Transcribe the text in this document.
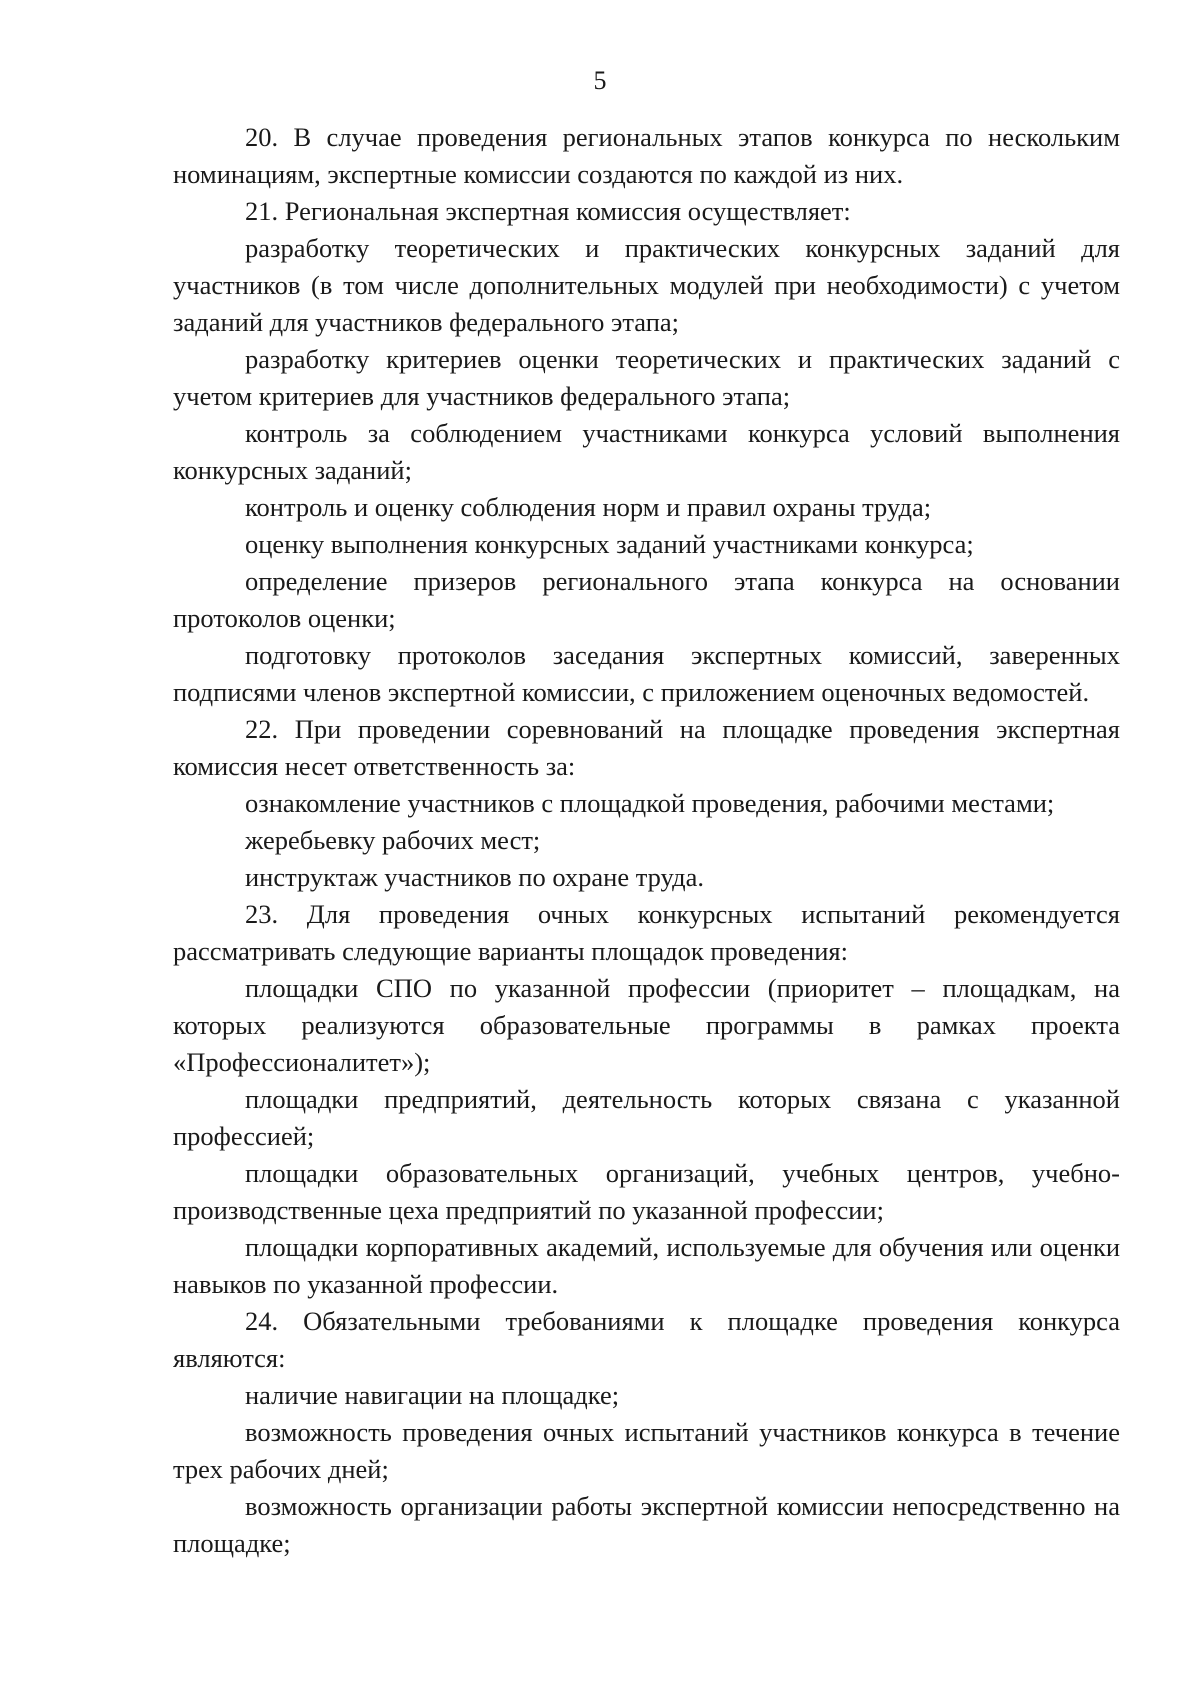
5

20. В случае проведения региональных этапов конкурса по нескольким номинациям, экспертные комиссии создаются по каждой из них.

21. Региональная экспертная комиссия осуществляет:

разработку теоретических и практических конкурсных заданий для участников (в том числе дополнительных модулей при необходимости) с учетом заданий для участников федерального этапа;

разработку критериев оценки теоретических и практических заданий с учетом критериев для участников федерального этапа;

контроль за соблюдением участниками конкурса условий выполнения конкурсных заданий;

контроль и оценку соблюдения норм и правил охраны труда;

оценку выполнения конкурсных заданий участниками конкурса;

определение призеров регионального этапа конкурса на основании протоколов оценки;

подготовку протоколов заседания экспертных комиссий, заверенных подписями членов экспертной комиссии, с приложением оценочных ведомостей.

22. При проведении соревнований на площадке проведения экспертная комиссия несет ответственность за:

ознакомление участников с площадкой проведения, рабочими местами;

жеребьевку рабочих мест;

инструктаж участников по охране труда.

23. Для проведения очных конкурсных испытаний рекомендуется рассматривать следующие варианты площадок проведения:

площадки СПО по указанной профессии (приоритет – площадкам, на которых реализуются образовательные программы в рамках проекта «Профессионалитет»);

площадки предприятий, деятельность которых связана с указанной профессией;

площадки образовательных организаций, учебных центров, учебно-производственные цеха предприятий по указанной профессии;

площадки корпоративных академий, используемые для обучения или оценки навыков по указанной профессии.

24. Обязательными требованиями к площадке проведения конкурса являются:

наличие навигации на площадке;

возможность проведения очных испытаний участников конкурса в течение трех рабочих дней;

возможность организации работы экспертной комиссии непосредственно на площадке;
